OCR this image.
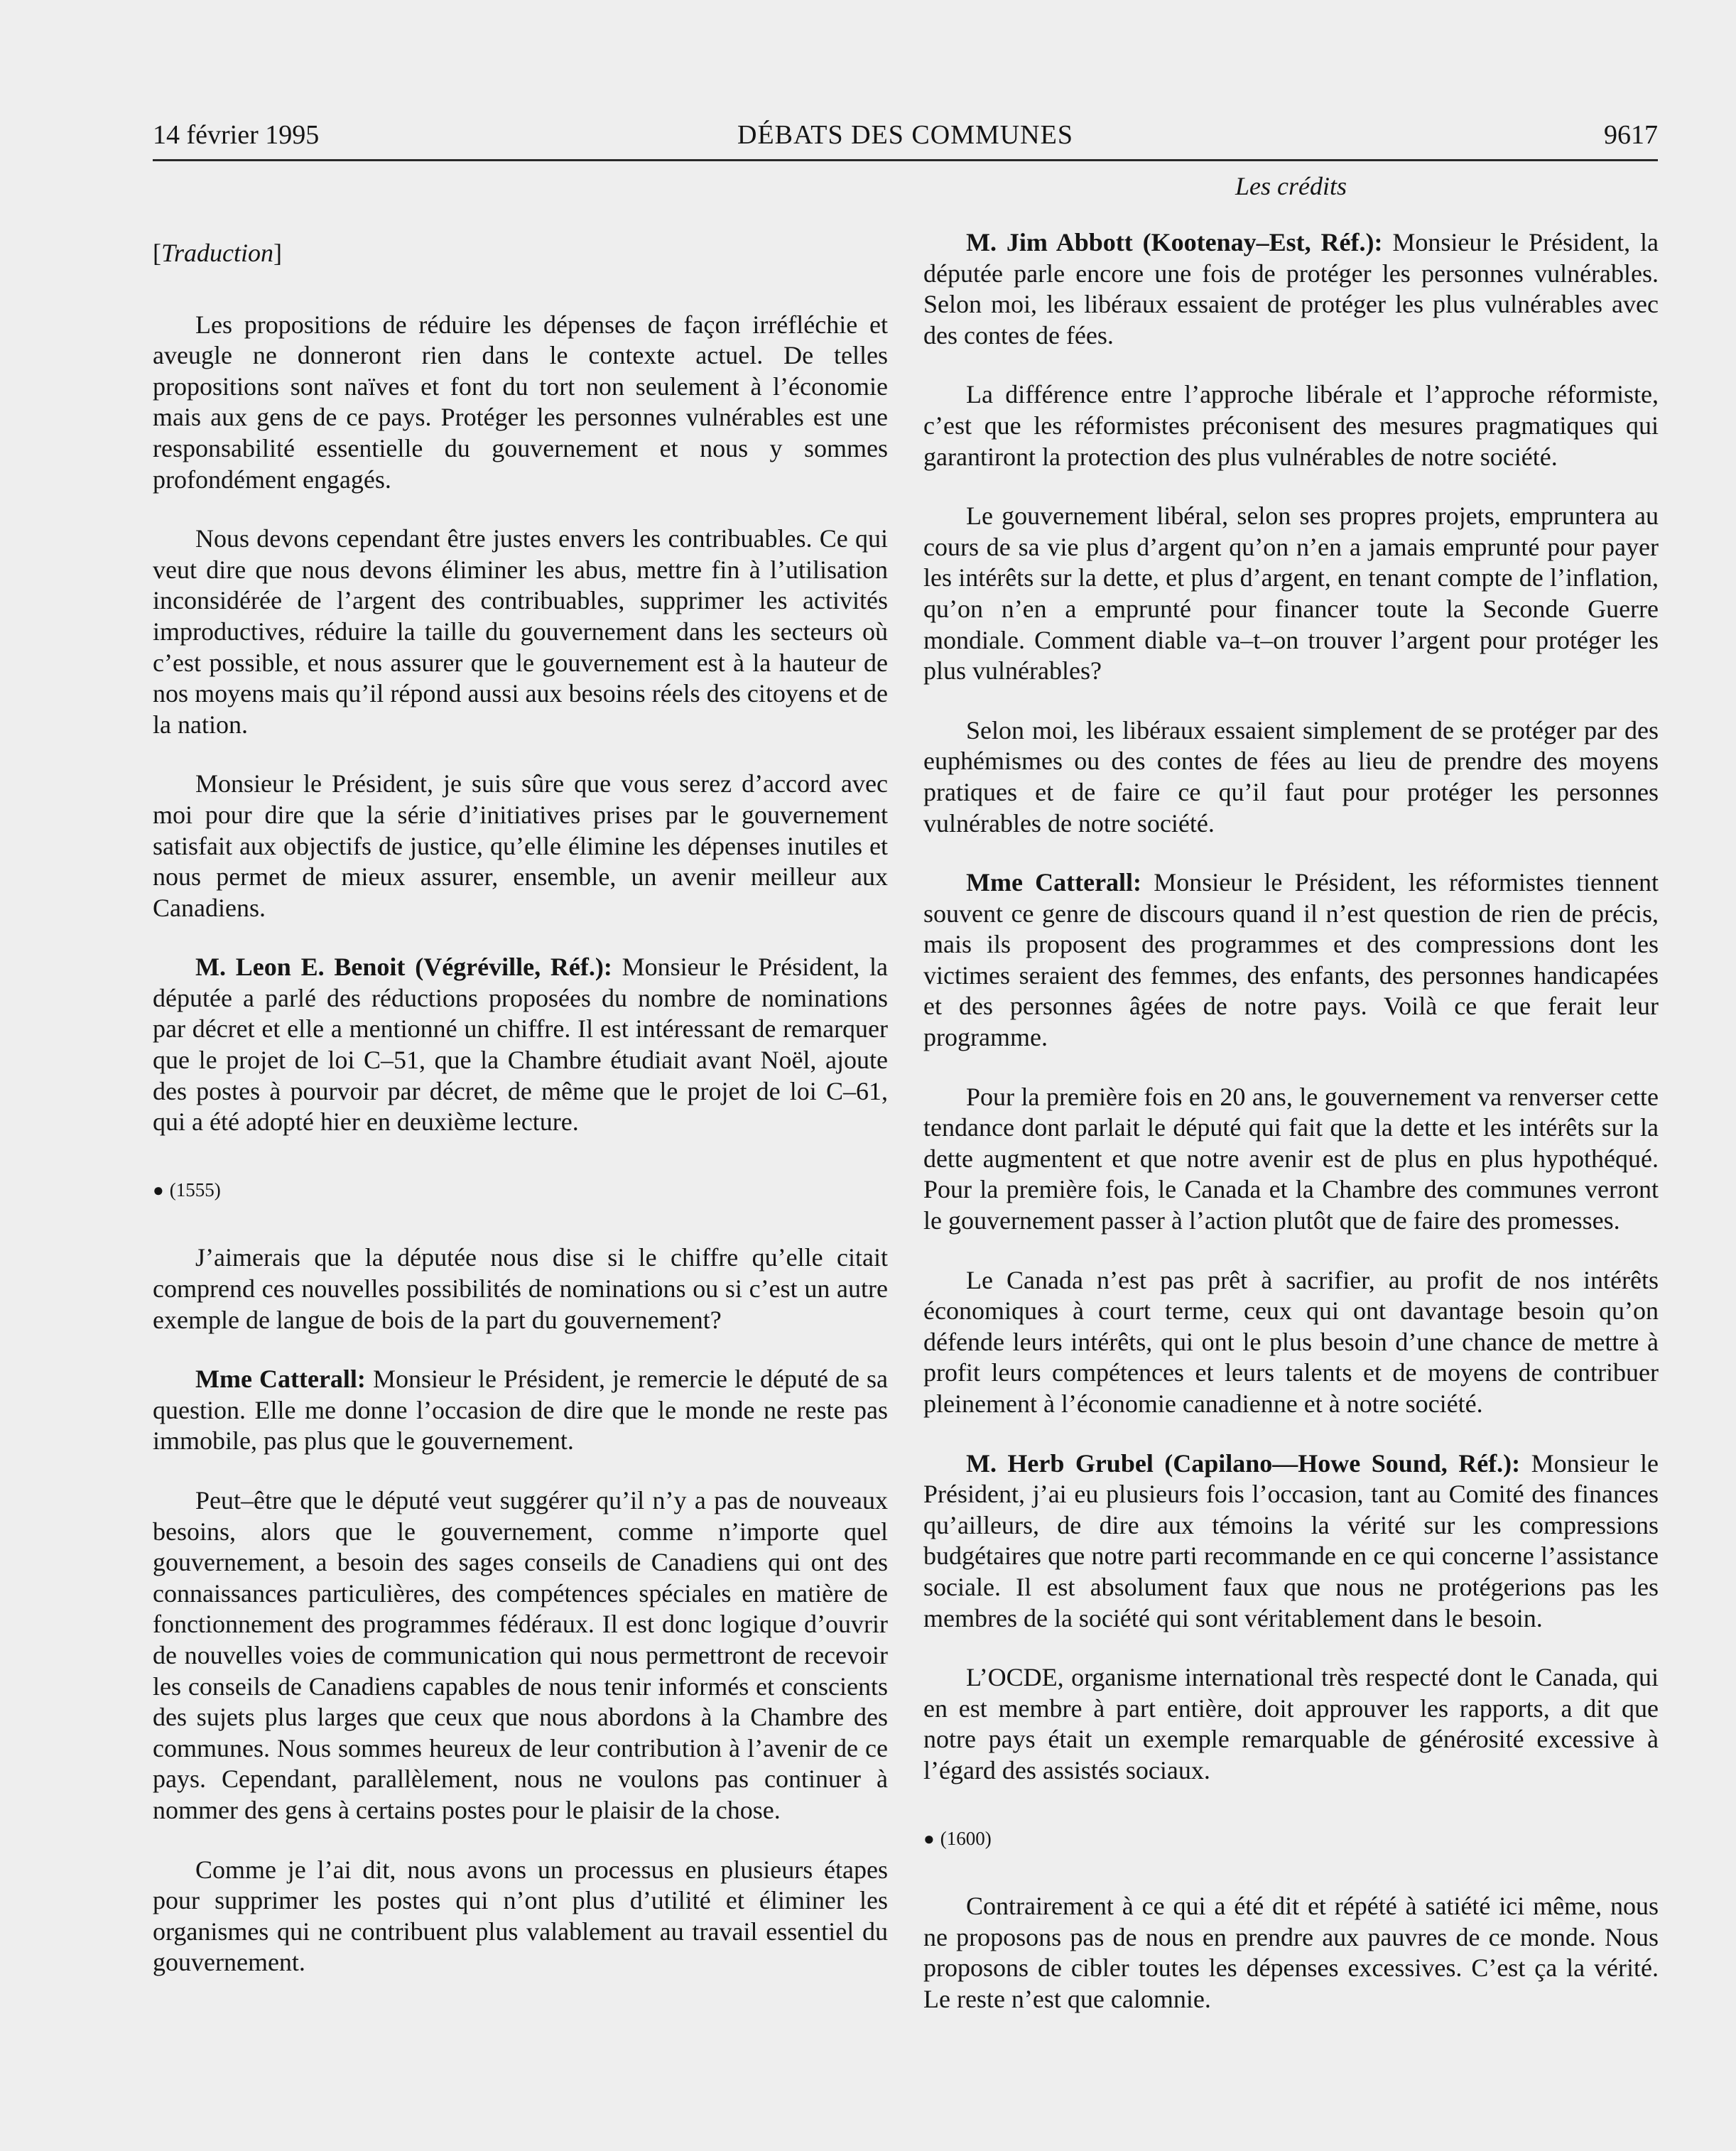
14 février 1995	DÉBATS DES COMMUNES	9617

[Traduction]

Les propositions de réduire les dépenses de façon irréfléchie et aveugle ne donneront rien dans le contexte actuel. De telles propositions sont naïves et font du tort non seulement à l’économie mais aux gens de ce pays. Protéger les personnes vulnérables est une responsabilité essentielle du gouvernement et nous y sommes profondément engagés.

Nous devons cependant être justes envers les contribuables. Ce qui veut dire que nous devons éliminer les abus, mettre fin à l’utilisation inconsidérée de l’argent des contribuables, supprimer les activités improductives, réduire la taille du gouvernement dans les secteurs où c’est possible, et nous assurer que le gouvernement est à la hauteur de nos moyens mais qu’il répond aussi aux besoins réels des citoyens et de la nation.

Monsieur le Président, je suis sûre que vous serez d’accord avec moi pour dire que la série d’initiatives prises par le gouvernement satisfait aux objectifs de justice, qu’elle élimine les dépenses inutiles et nous permet de mieux assurer, ensemble, un avenir meilleur aux Canadiens.

M. Leon E. Benoit (Végréville, Réf.): Monsieur le Président, la députée a parlé des réductions proposées du nombre de nominations par décret et elle a mentionné un chiffre. Il est intéressant de remarquer que le projet de loi C–51, que la Chambre étudiait avant Noël, ajoute des postes à pourvoir par décret, de même que le projet de loi C–61, qui a été adopté hier en deuxième lecture.

● (1555)

J’aimerais que la députée nous dise si le chiffre qu’elle citait comprend ces nouvelles possibilités de nominations ou si c’est un autre exemple de langue de bois de la part du gouvernement?

Mme Catterall: Monsieur le Président, je remercie le député de sa question. Elle me donne l’occasion de dire que le monde ne reste pas immobile, pas plus que le gouvernement.

Peut–être que le député veut suggérer qu’il n’y a pas de nouveaux besoins, alors que le gouvernement, comme n’importe quel gouvernement, a besoin des sages conseils de Canadiens qui ont des connaissances particulières, des compétences spéciales en matière de fonctionnement des programmes fédéraux. Il est donc logique d’ouvrir de nouvelles voies de communication qui nous permettront de recevoir les conseils de Canadiens capables de nous tenir informés et conscients des sujets plus larges que ceux que nous abordons à la Chambre des communes. Nous sommes heureux de leur contribution à l’avenir de ce pays. Cependant, parallèlement, nous ne voulons pas continuer à nommer des gens à certains postes pour le plaisir de la chose.

Comme je l’ai dit, nous avons un processus en plusieurs étapes pour supprimer les postes qui n’ont plus d’utilité et éliminer les organismes qui ne contribuent plus valablement au travail essentiel du gouvernement.

Les crédits

M. Jim Abbott (Kootenay–Est, Réf.): Monsieur le Président, la députée parle encore une fois de protéger les personnes vulnérables. Selon moi, les libéraux essaient de protéger les plus vulnérables avec des contes de fées.

La différence entre l’approche libérale et l’approche réformiste, c’est que les réformistes préconisent des mesures pragmatiques qui garantiront la protection des plus vulnérables de notre société.

Le gouvernement libéral, selon ses propres projets, empruntera au cours de sa vie plus d’argent qu’on n’en a jamais emprunté pour payer les intérêts sur la dette, et plus d’argent, en tenant compte de l’inflation, qu’on n’en a emprunté pour financer toute la Seconde Guerre mondiale. Comment diable va–t–on trouver l’argent pour protéger les plus vulnérables?

Selon moi, les libéraux essaient simplement de se protéger par des euphémismes ou des contes de fées au lieu de prendre des moyens pratiques et de faire ce qu’il faut pour protéger les personnes vulnérables de notre société.

Mme Catterall: Monsieur le Président, les réformistes tiennent souvent ce genre de discours quand il n’est question de rien de précis, mais ils proposent des programmes et des compressions dont les victimes seraient des femmes, des enfants, des personnes handicapées et des personnes âgées de notre pays. Voilà ce que ferait leur programme.

Pour la première fois en 20 ans, le gouvernement va renverser cette tendance dont parlait le député qui fait que la dette et les intérêts sur la dette augmentent et que notre avenir est de plus en plus hypothéqué. Pour la première fois, le Canada et la Chambre des communes verront le gouvernement passer à l’action plutôt que de faire des promesses.

Le Canada n’est pas prêt à sacrifier, au profit de nos intérêts économiques à court terme, ceux qui ont davantage besoin qu’on défende leurs intérêts, qui ont le plus besoin d’une chance de mettre à profit leurs compétences et leurs talents et de moyens de contribuer pleinement à l’économie canadienne et à notre société.

M. Herb Grubel (Capilano—Howe Sound, Réf.): Monsieur le Président, j’ai eu plusieurs fois l’occasion, tant au Comité des finances qu’ailleurs, de dire aux témoins la vérité sur les compressions budgétaires que notre parti recommande en ce qui concerne l’assistance sociale. Il est absolument faux que nous ne protégerions pas les membres de la société qui sont véritablement dans le besoin.

L’OCDE, organisme international très respecté dont le Canada, qui en est membre à part entière, doit approuver les rapports, a dit que notre pays était un exemple remarquable de générosité excessive à l’égard des assistés sociaux.

● (1600)

Contrairement à ce qui a été dit et répété à satiété ici même, nous ne proposons pas de nous en prendre aux pauvres de ce monde. Nous proposons de cibler toutes les dépenses excessives. C’est ça la vérité. Le reste n’est que calomnie.
